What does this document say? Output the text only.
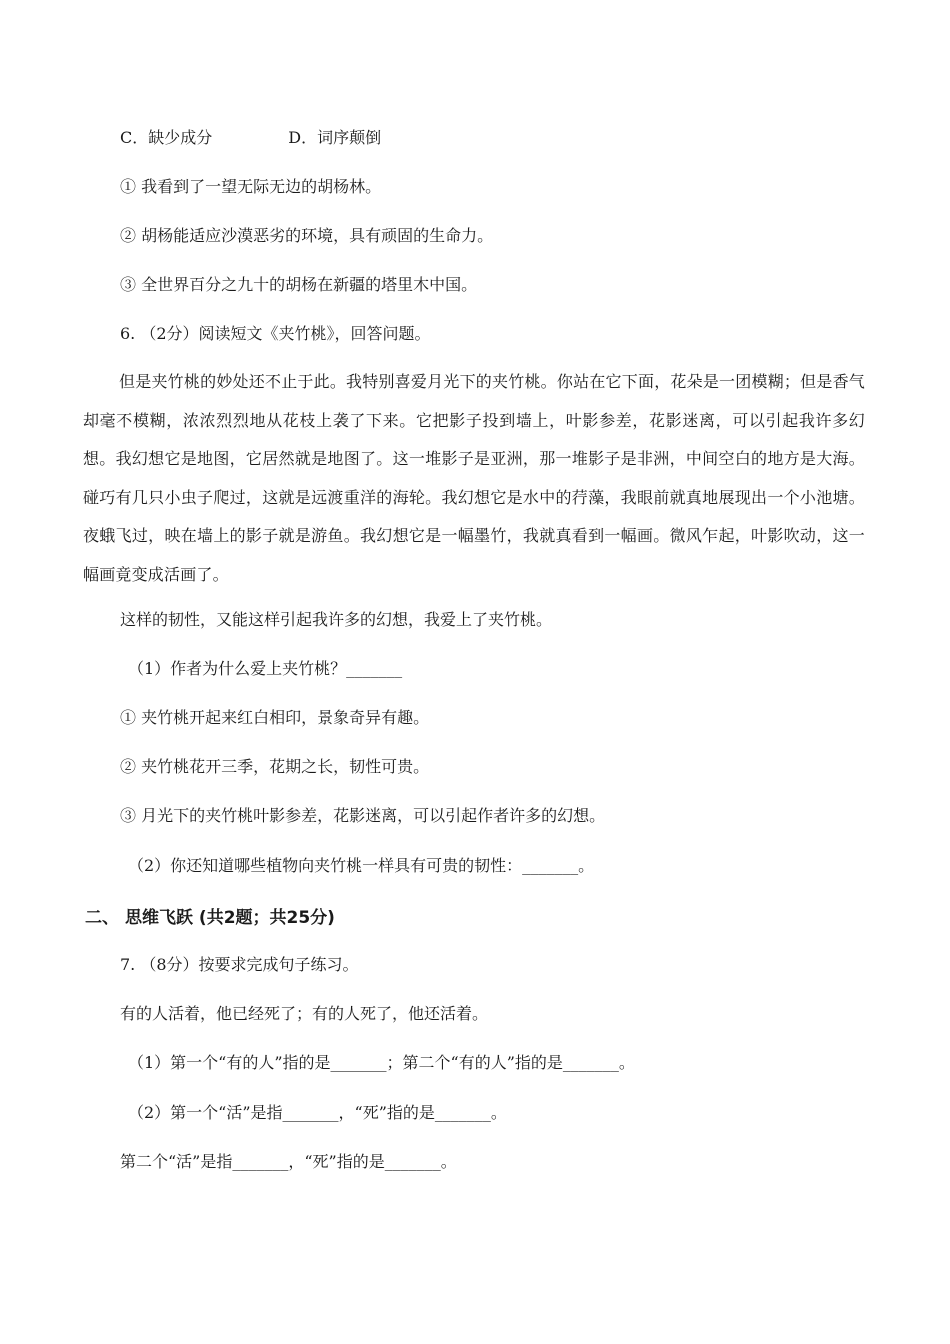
C．缺少成分	D．词序颠倒
① 我看到了一望无际无边的胡杨林。
② 胡杨能适应沙漠恶劣的环境，具有顽固的生命力。
③ 全世界百分之九十的胡杨在新疆的塔里木中国。
6. （2分）阅读短文《夹竹桃》，回答问题。
但是夹竹桃的妙处还不止于此。我特别喜爱月光下的夹竹桃。你站在它下面，花朵是一团模糊；但是香气却毫不模糊，浓浓烈烈地从花枝上袭了下来。它把影子投到墙上，叶影参差，花影迷离，可以引起我许多幻想。我幻想它是地图，它居然就是地图了。这一堆影子是亚洲，那一堆影子是非洲，中间空白的地方是大海。碰巧有几只小虫子爬过，这就是远渡重洋的海轮。我幻想它是水中的荇藻，我眼前就真地展现出一个小池塘。夜蛾飞过，映在墙上的影子就是游鱼。我幻想它是一幅墨竹，我就真看到一幅画。微风乍起，叶影吹动，这一幅画竟变成活画了。
这样的韧性，又能这样引起我许多的幻想，我爱上了夹竹桃。
（1）作者为什么爱上夹竹桃？_______
① 夹竹桃开起来红白相印，景象奇异有趣。
② 夹竹桃花开三季，花期之长，韧性可贵。
③ 月光下的夹竹桃叶影参差，花影迷离，可以引起作者许多的幻想。
（2）你还知道哪些植物向夹竹桃一样具有可贵的韧性：_______。
二、 思维飞跃 (共2题；共25分)
7. （8分）按要求完成句子练习。
有的人活着，他已经死了；有的人死了，他还活着。
（1）第一个“有的人”指的是_______；第二个“有的人”指的是_______。
（2）第一个“活”是指_______，“死”指的是_______。
第二个“活”是指_______，“死”指的是_______。
